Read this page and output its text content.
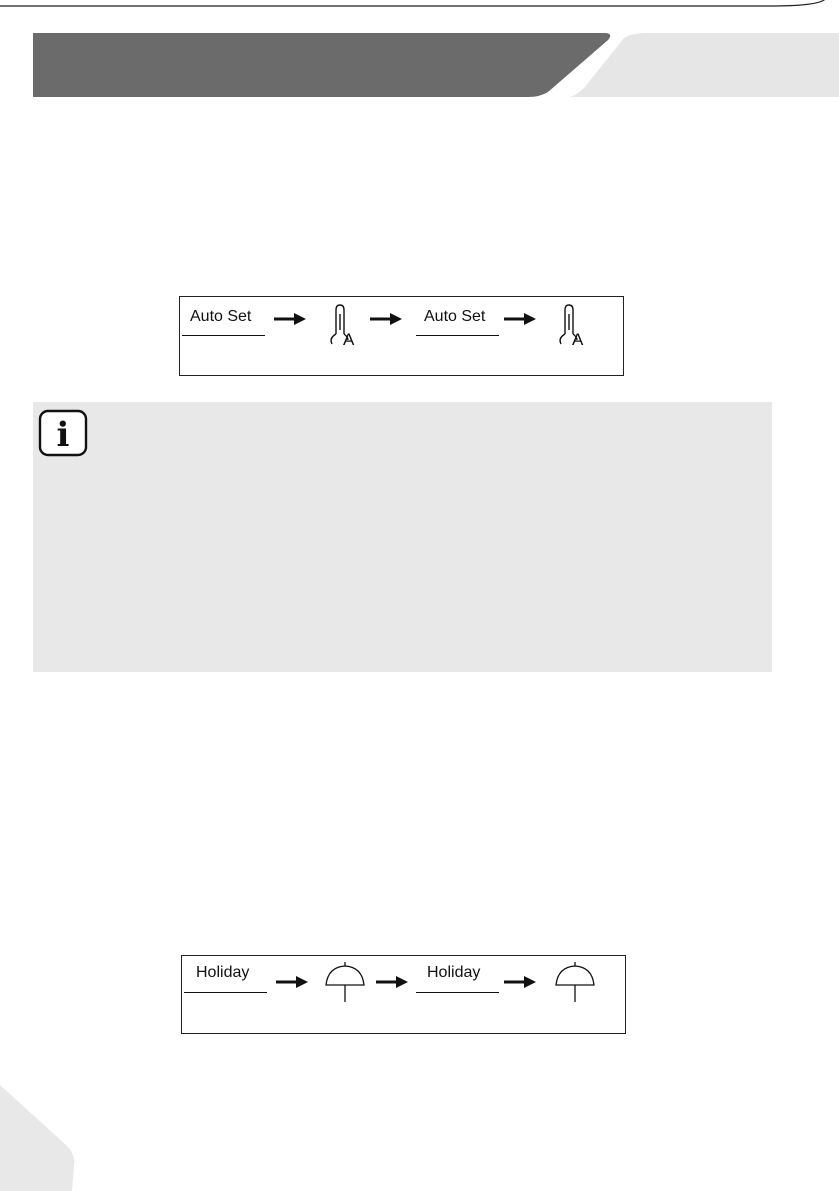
Auto Set
A
Auto Set
A
i
Holiday	Holiday
